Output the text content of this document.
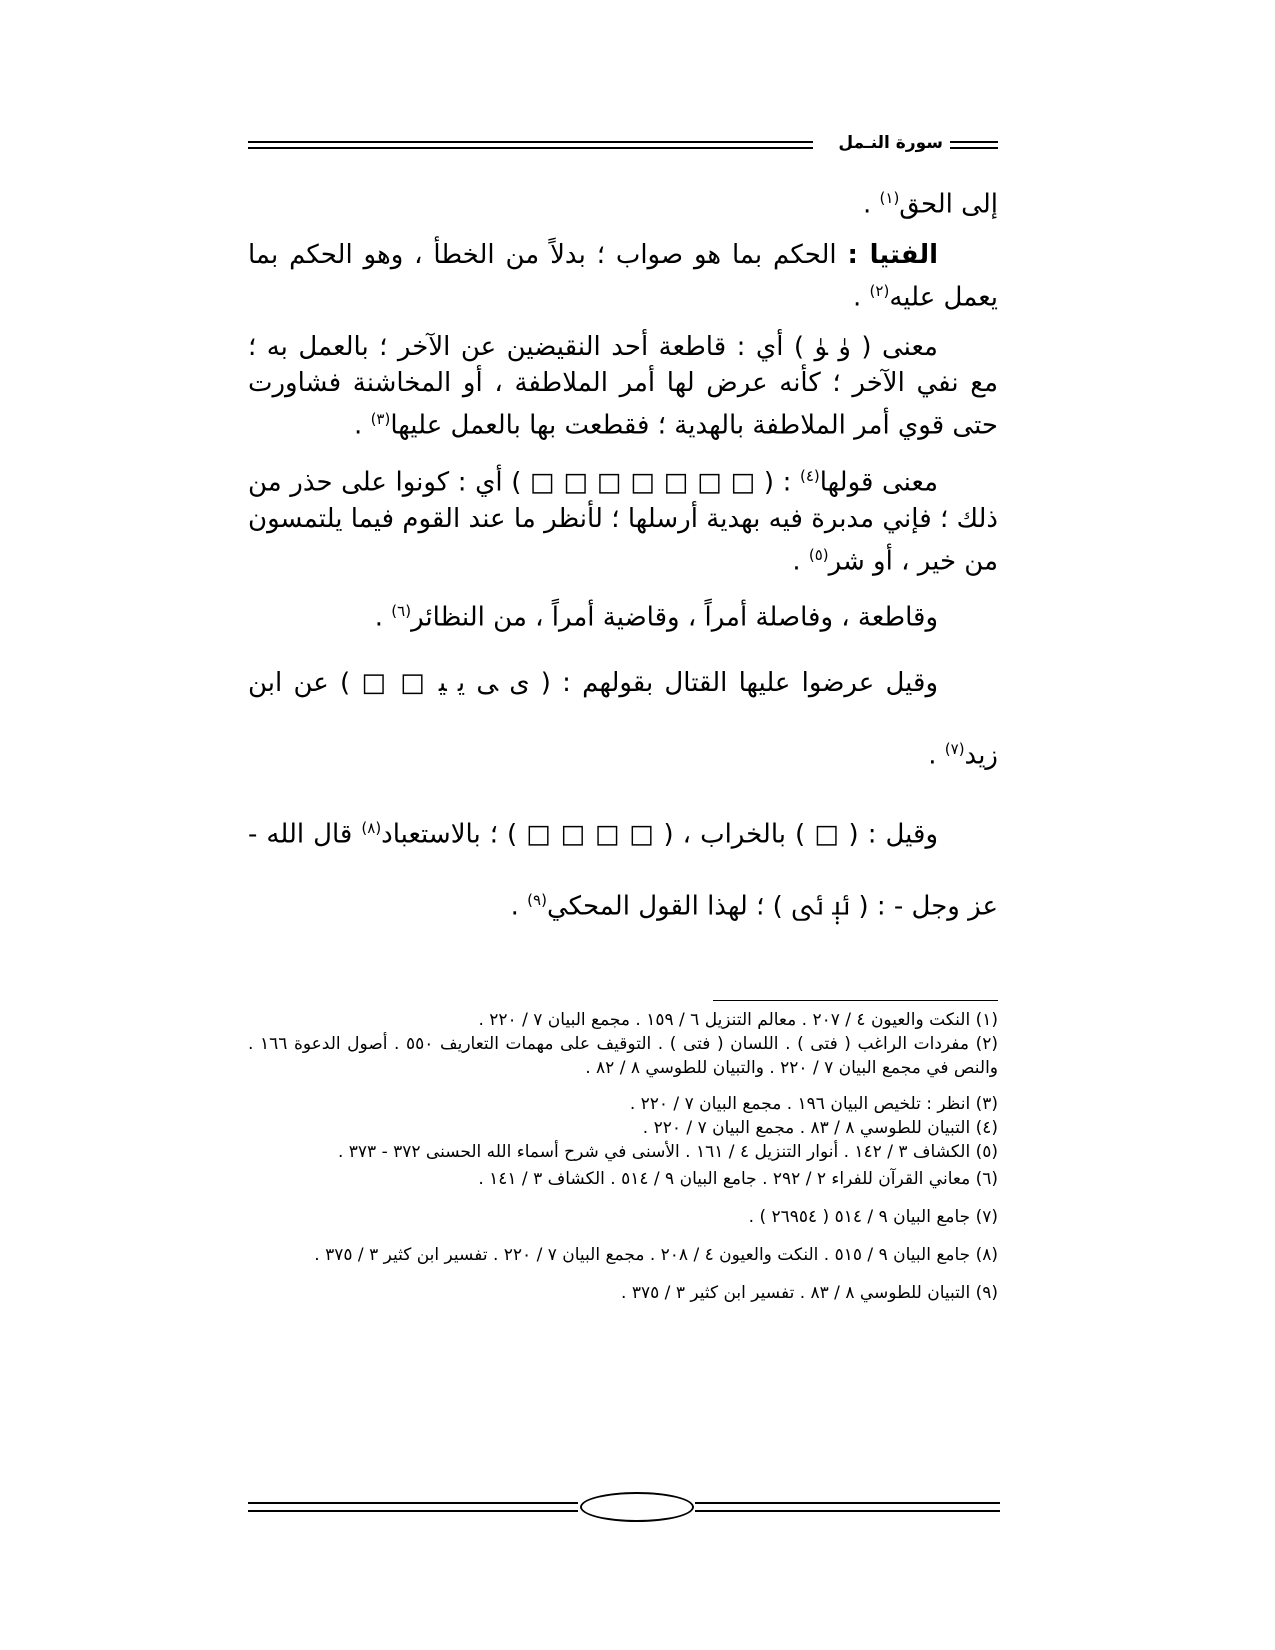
سورة النـمل

إلى الحق$^{(١)}$ .

الفتيا : الحكم بما هو صواب ؛ بدلاً من الخطأ ، وهو الحكم بما يعمل عليه$^{(٢)}$ .

معنى ( ﯛ ﯜ ) أي : قاطعة أحد النقيضين عن الآخر ؛ بالعمل به ؛ مع نفي الآخر ؛ كأنه عرض لها أمر الملاطفة ، أو المخاشنة فشاورت حتى قوي أمر الملاطفة بالهدية ؛ فقطعت بها بالعمل عليها$^{(٣)}$ .

معنى قولها$^{(٤)}$ : ( □ □ □ □ □ □ □ ) أي : كونوا على حذر من ذلك ؛ فإني مدبرة فيه بهدية أرسلها ؛ لأنظر ما عند القوم فيما يلتمسون من خير ، أو شر$^{(٥)}$ .

وقاطعة ، وفاصلة أمراً ، وقاضية أمراً ، من النظائر$^{(٦)}$ .

وقيل عرضوا عليها القتال بقولهم : ( ﯼ ﯽ ﯾ ﯿ □ □ ) عن ابن زيد$^{(٧)}$ .

وقيل : ( □ ) بالخراب ، ( □ □ □ □ ) ؛ بالاستعباد$^{(٨)}$ قال الله - عز وجل - : ( ﯸ ﯹ ) ؛ لهذا القول المحكي$^{(٩)}$ .

(١) النكت والعيون ٤ / ٢٠٧ . معالم التنزيل ٦ / ١٥٩ . مجمع البيان ٧ / ٢٢٠ .

(٢) مفردات الراغب ( فتى ) . اللسان ( فتى ) . التوقيف على مهمات التعاريف ٥٥٠ . أصول الدعوة ١٦٦ . والنص في مجمع البيان ٧ / ٢٢٠ . والتبيان للطوسي ٨ / ٨٢ .

(٣) انظر : تلخيص البيان ١٩٦ . مجمع البيان ٧ / ٢٢٠ .

(٤) التبيان للطوسي ٨ / ٨٣ . مجمع البيان ٧ / ٢٢٠ .

(٥) الكشاف ٣ / ١٤٢ . أنوار التنزيل ٤ / ١٦١ . الأسنى في شرح أسماء الله الحسنى ٣٧٢ - ٣٧٣ .

(٦) معاني القرآن للفراء ٢ / ٢٩٢ . جامع البيان ٩ / ٥١٤ . الكشاف ٣ / ١٤١ .

(٧) جامع البيان ٩ / ٥١٤ ( ٢٦٩٥٤ ) .

(٨) جامع البيان ٩ / ٥١٥ . النكت والعيون ٤ / ٢٠٨ . مجمع البيان ٧ / ٢٢٠ . تفسير ابن كثير ٣ / ٣٧٥ .

(٩) التبيان للطوسي ٨ / ٨٣ . تفسير ابن كثير ٣ / ٣٧٥ .
